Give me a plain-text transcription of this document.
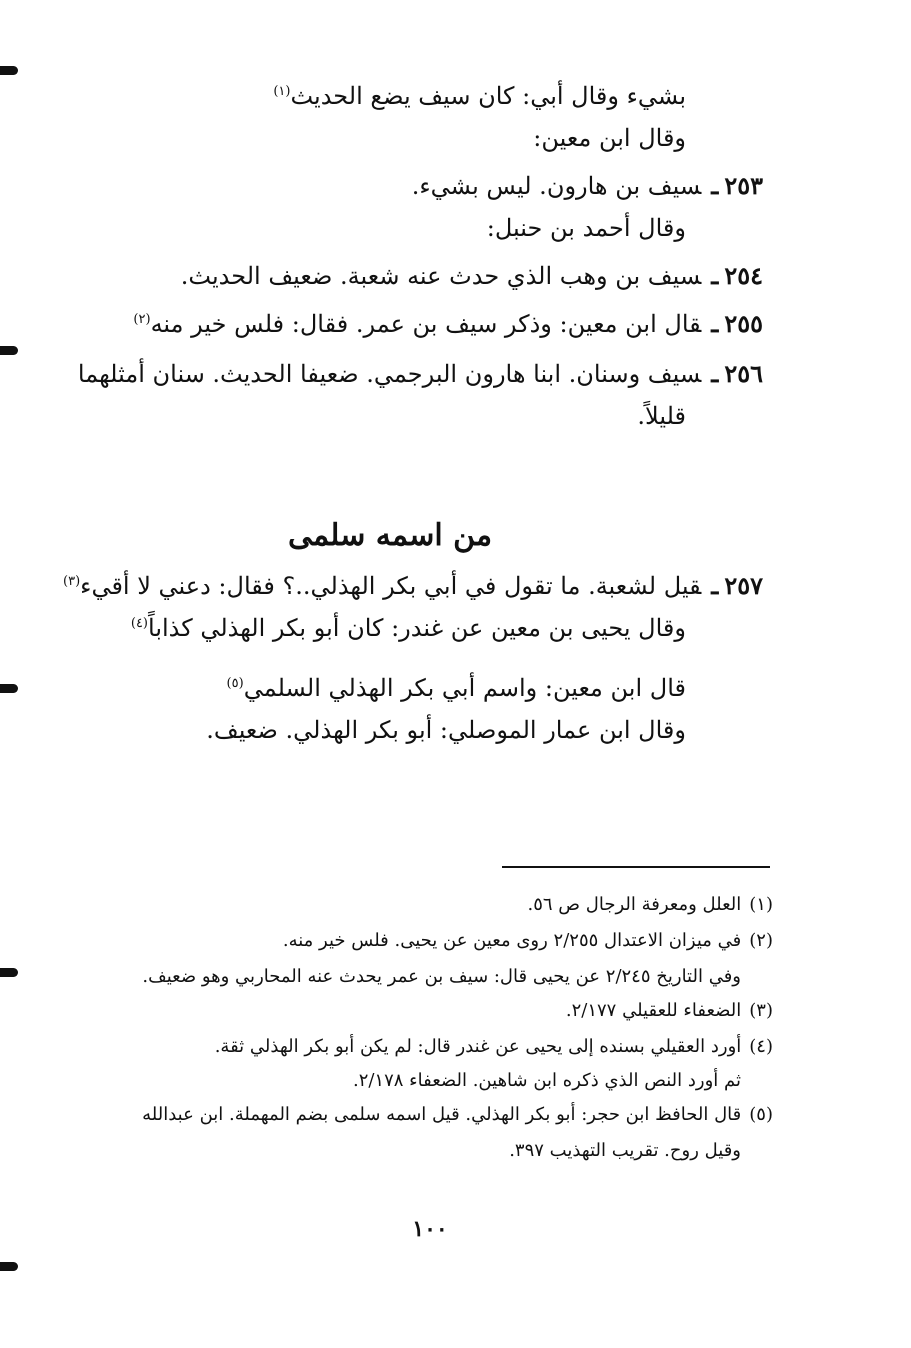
بشيء وقال أبي: كان سيف يضع الحديث$^{(١)}$
وقال ابن معين:
٢٥٣ـسيف بن هارون. ليس بشيء.
وقال أحمد بن حنبل:
٢٥٤ـسيف بن وهب الذي حدث عنه شعبة. ضعيف الحديث.
٢٥٥ـقال ابن معين: وذكر سيف بن عمر. فقال: فلس خير منه$^{(٢)}$
٢٥٦ـسيف وسنان. ابنا هارون البرجمي. ضعيفا الحديث. سنان أمثلهما
قليلاً.
من اسمه سلمى
٢٥٧ـقيل لشعبة. ما تقول في أبي بكر الهذلي..؟ فقال: دعني لا أقيء$^{(٣)}$
وقال يحيى بن معين عن غندر: كان أبو بكر الهذلي كذاباً$^{(٤)}$
قال ابن معين: واسم أبي بكر الهذلي السلمي$^{(٥)}$
وقال ابن عمار الموصلي: أبو بكر الهذلي. ضعيف.
(١)العلل ومعرفة الرجال ص ٥٦.
(٢)في ميزان الاعتدال ٢/٢٥٥ روى معين عن يحيى. فلس خير منه.
وفي التاريخ ٢/٢٤٥ عن يحيى قال: سيف بن عمر يحدث عنه المحاربي وهو ضعيف.
(٣)الضعفاء للعقيلي ٢/١٧٧.
(٤)أورد العقيلي بسنده إلى يحيى عن غندر قال: لم يكن أبو بكر الهذلي ثقة.
ثم أورد النص الذي ذكره ابن شاهين. الضعفاء ٢/١٧٨.
(٥)قال الحافظ ابن حجر: أبو بكر الهذلي. قيل اسمه سلمى بضم المهملة. ابن عبدالله
وقيل روح. تقريب التهذيب ٣٩٧.
١٠٠
